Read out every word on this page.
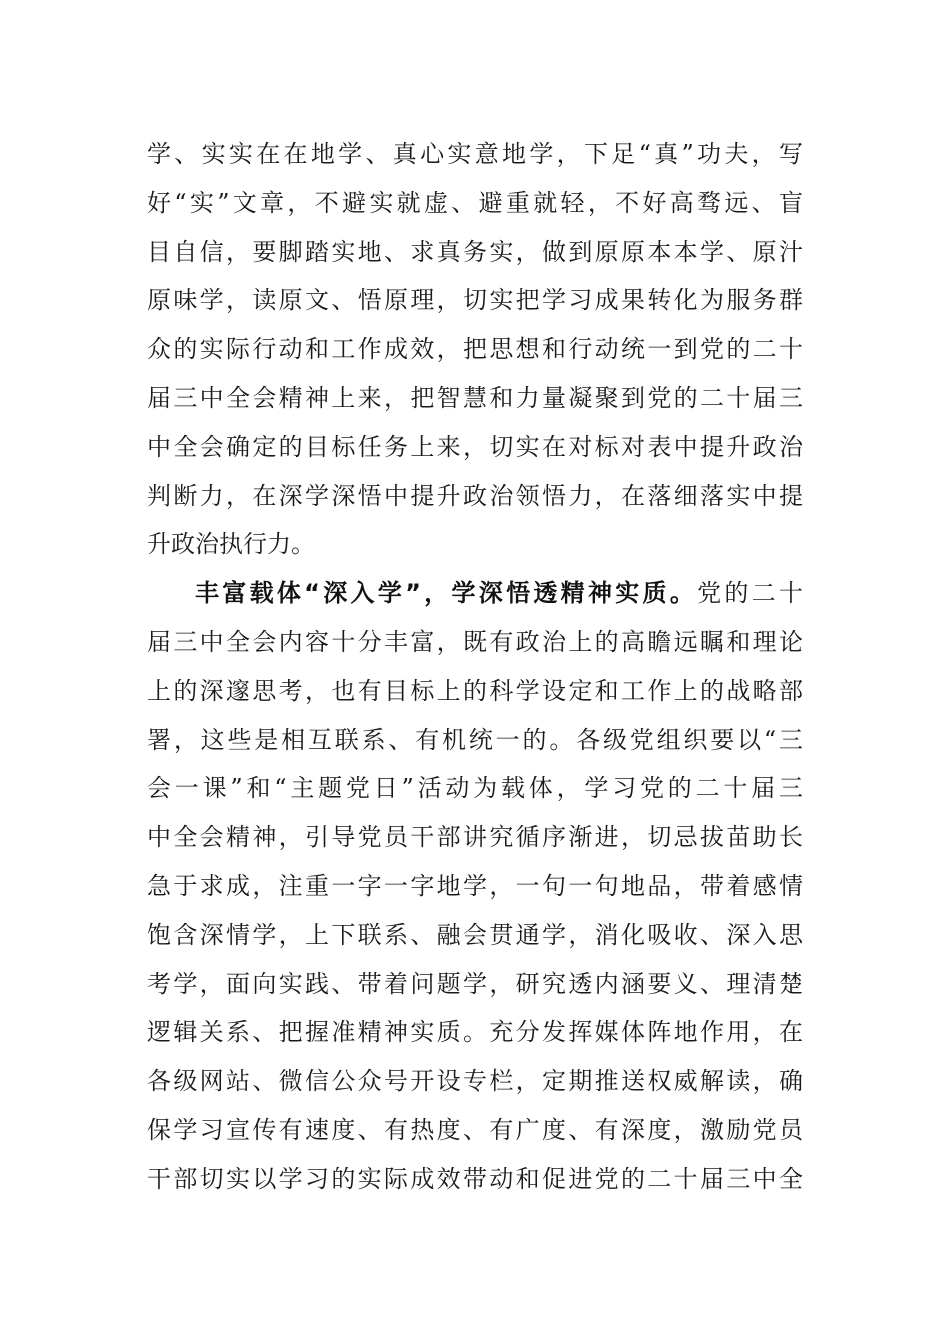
学、实实在在地学、真心实意地学，下足“真”功夫，写
好“实”文章，不避实就虚、避重就轻，不好高骛远、盲
目自信，要脚踏实地、求真务实，做到原原本本学、原汁
原味学，读原文、悟原理，切实把学习成果转化为服务群
众的实际行动和工作成效，把思想和行动统一到党的二十
届三中全会精神上来，把智慧和力量凝聚到党的二十届三
中全会确定的目标任务上来，切实在对标对表中提升政治
判断力，在深学深悟中提升政治领悟力，在落细落实中提
升政治执行力。
丰富载体“深入学”，学深悟透精神实质。党的二十
届三中全会内容十分丰富，既有政治上的高瞻远瞩和理论
上的深邃思考，也有目标上的科学设定和工作上的战略部
署，这些是相互联系、有机统一的。各级党组织要以“三
会一课”和“主题党日”活动为载体，学习党的二十届三
中全会精神，引导党员干部讲究循序渐进，切忌拔苗助长
急于求成，注重一字一字地学，一句一句地品，带着感情
饱含深情学，上下联系、融会贯通学，消化吸收、深入思
考学，面向实践、带着问题学，研究透内涵要义、理清楚
逻辑关系、把握准精神实质。充分发挥媒体阵地作用，在
各级网站、微信公众号开设专栏，定期推送权威解读，确
保学习宣传有速度、有热度、有广度、有深度，激励党员
干部切实以学习的实际成效带动和促进党的二十届三中全
